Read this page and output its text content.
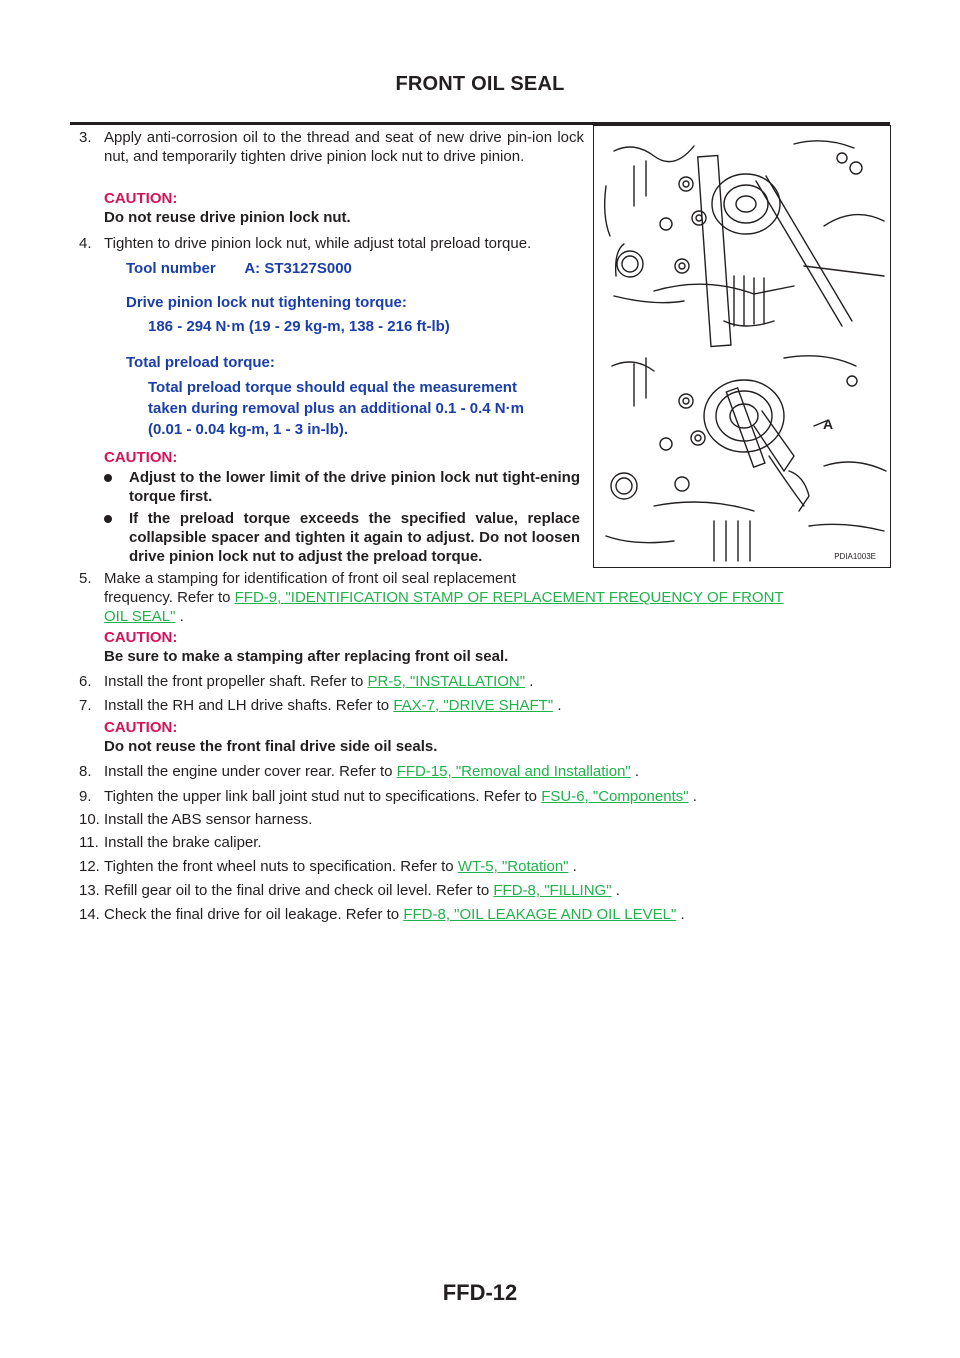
FRONT OIL SEAL
3. Apply anti-corrosion oil to the thread and seat of new drive pin-ion lock nut, and temporarily tighten drive pinion lock nut to drive pinion.
CAUTION:
Do not reuse drive pinion lock nut.
4. Tighten to drive pinion lock nut, while adjust total preload torque.
Tool number       A: ST3127S000
Drive pinion lock nut tightening torque:
186 - 294 N·m (19 - 29 kg-m, 138 - 216 ft-lb)
Total preload torque:
Total preload torque should equal the measurement
taken during removal plus an additional 0.1 - 0.4 N·m
(0.01 - 0.04 kg-m, 1 - 3 in-lb).
CAUTION:
Adjust to the lower limit of the drive pinion lock nut tight-ening torque first.
If the preload torque exceeds the specified value, replace collapsible spacer and tighten it again to adjust. Do not loosen drive pinion lock nut to adjust the preload torque.
5. Make a stamping for identification of front oil seal replacement
frequency. Refer to FFD-9, "IDENTIFICATION STAMP OF REPLACEMENT FREQUENCY OF FRONT
OIL SEAL" .
CAUTION:
Be sure to make a stamping after replacing front oil seal.
6. Install the front propeller shaft. Refer to PR-5, "INSTALLATION" .
7. Install the RH and LH drive shafts. Refer to FAX-7, "DRIVE SHAFT" .
CAUTION:
Do not reuse the front final drive side oil seals.
8. Install the engine under cover rear. Refer to FFD-15, "Removal and Installation" .
9. Tighten the upper link ball joint stud nut to specifications. Refer to FSU-6, "Components" .
10. Install the ABS sensor harness.
11. Install the brake caliper.
12. Tighten the front wheel nuts to specification. Refer to WT-5, "Rotation" .
13. Refill gear oil to the final drive and check oil level. Refer to FFD-8, "FILLING" .
14. Check the final drive for oil leakage. Refer to FFD-8, "OIL LEAKAGE AND OIL LEVEL" .
A
PDIA1003E
FFD-12
